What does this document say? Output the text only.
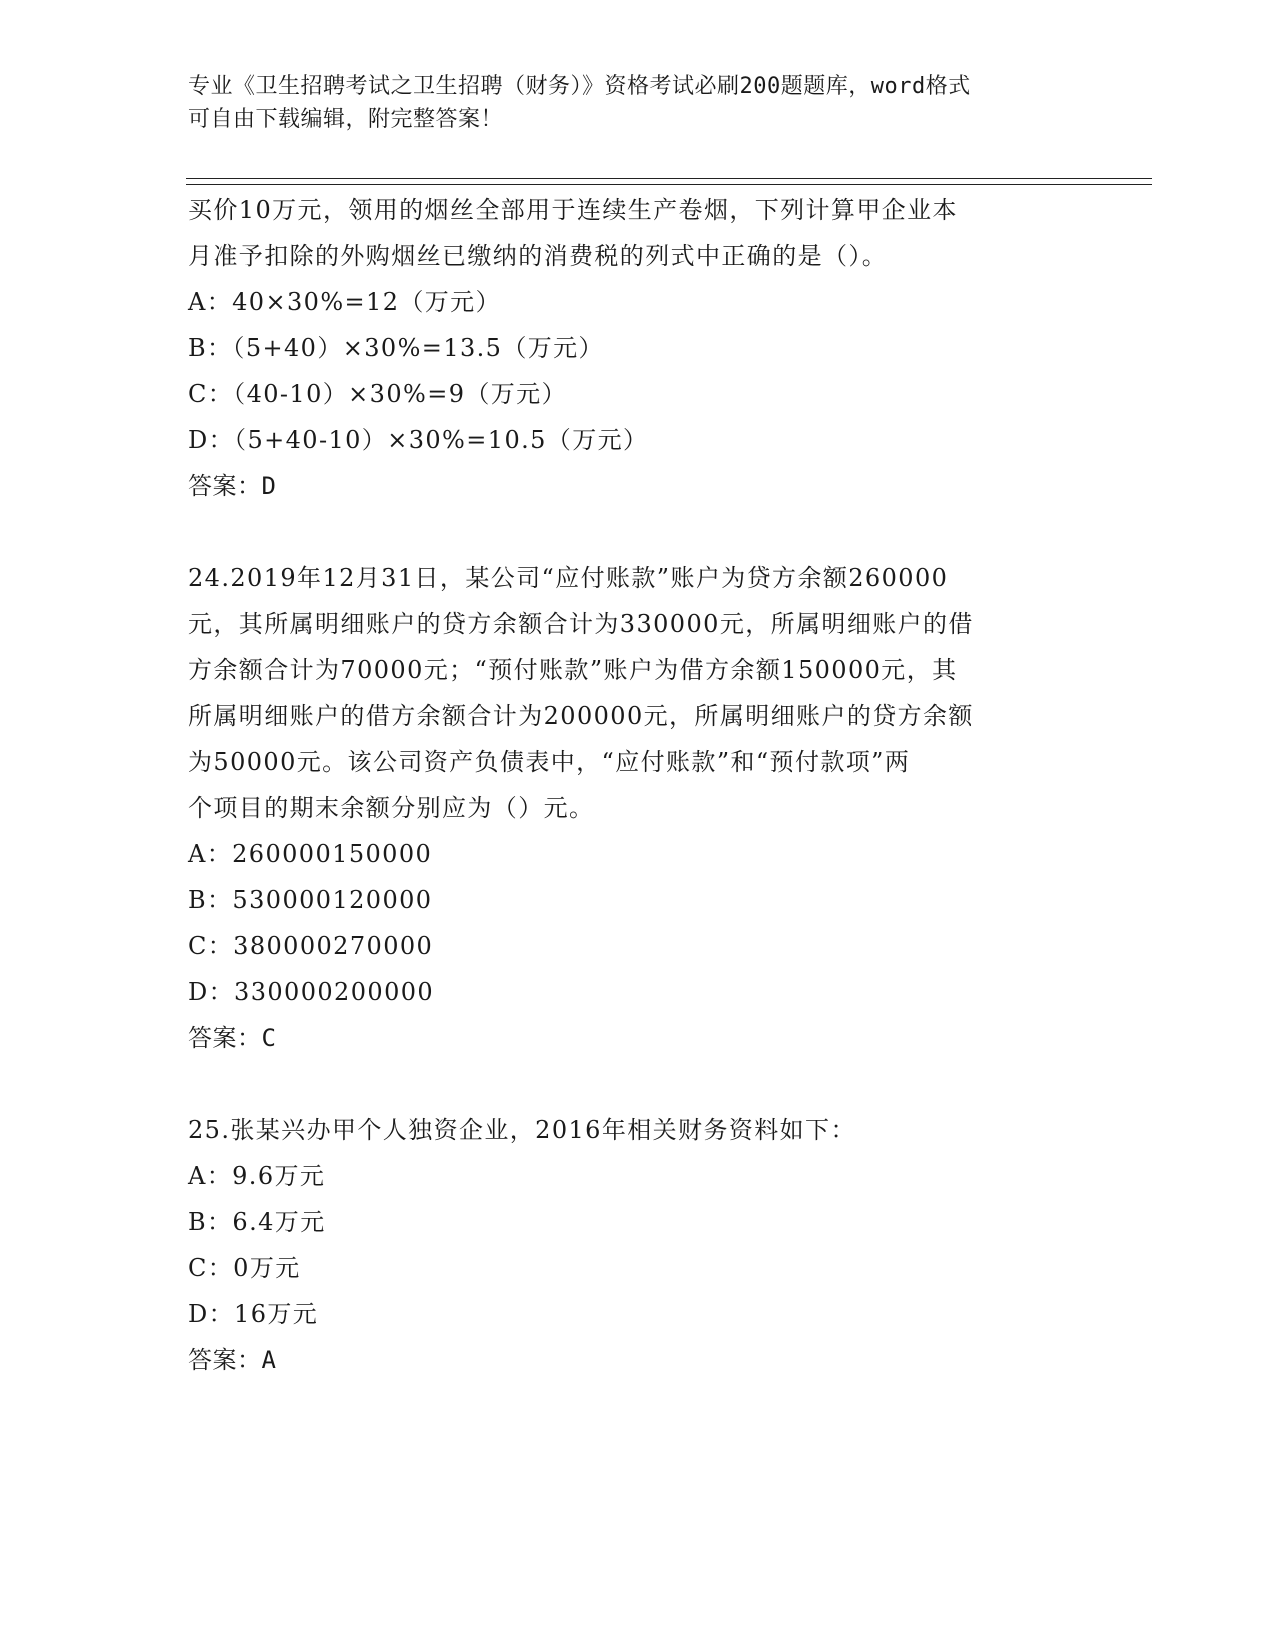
专业《卫生招聘考试之卫生招聘（财务）》资格考试必刷200题题库，word格式
可自由下载编辑，附完整答案！

买价10万元，领用的烟丝全部用于连续生产卷烟，下列计算甲企业本

月准予扣除的外购烟丝已缴纳的消费税的列式中正确的是（）。

A：40×30%=12（万元）

B：（5+40）×30%=13.5（万元）

C：（40-10）×30%=9（万元）

D：（5+40-10）×30%=10.5（万元）

答案：D

24.2019年12月31日，某公司“应付账款”账户为贷方余额260000

元，其所属明细账户的贷方余额合计为330000元，所属明细账户的借

方余额合计为70000元；“预付账款”账户为借方余额150000元，其

所属明细账户的借方余额合计为200000元，所属明细账户的贷方余额

为50000元。该公司资产负债表中，“应付账款”和“预付款项”两

个项目的期末余额分别应为（）元。

A：260000150000

B：530000120000

C：380000270000

D：330000200000

答案：C

25.张某兴办甲个人独资企业，2016年相关财务资料如下：

A：9.6万元

B：6.4万元

C：0万元

D：16万元

答案：A
